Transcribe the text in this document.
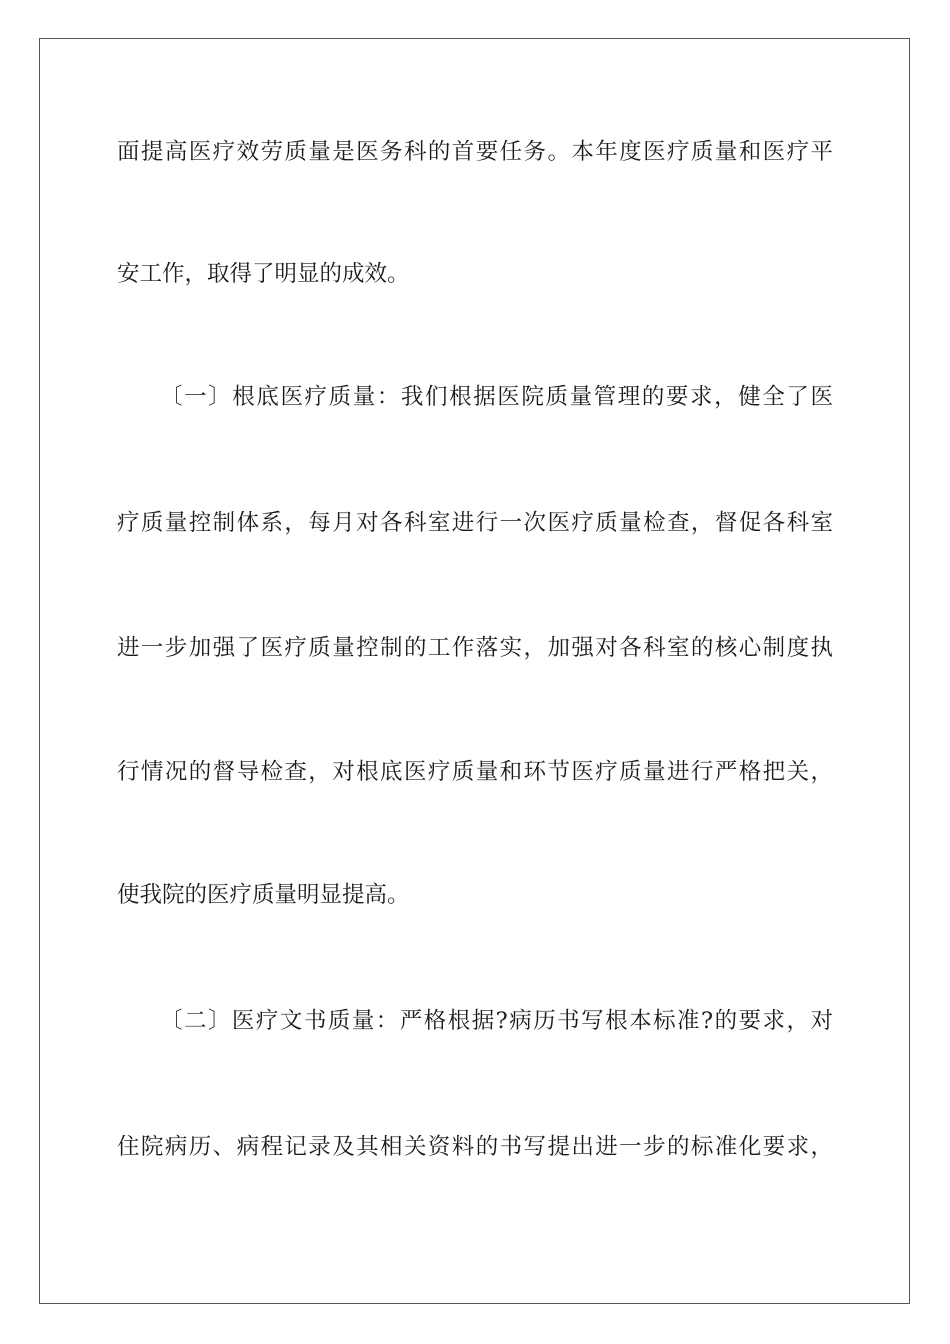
面提高医疗效劳质量是医务科的首要任务。本年度医疗质量和医疗平
安工作，取得了明显的成效。
〔一〕根底医疗质量：我们根据医院质量管理的要求，健全了医
疗质量控制体系，每月对各科室进行一次医疗质量检查，督促各科室
进一步加强了医疗质量控制的工作落实，加强对各科室的核心制度执
行情况的督导检查，对根底医疗质量和环节医疗质量进行严格把关，
使我院的医疗质量明显提高。
〔二〕医疗文书质量：严格根据?病历书写根本标准?的要求，对
住院病历、病程记录及其相关资料的书写提出进一步的标准化要求，
